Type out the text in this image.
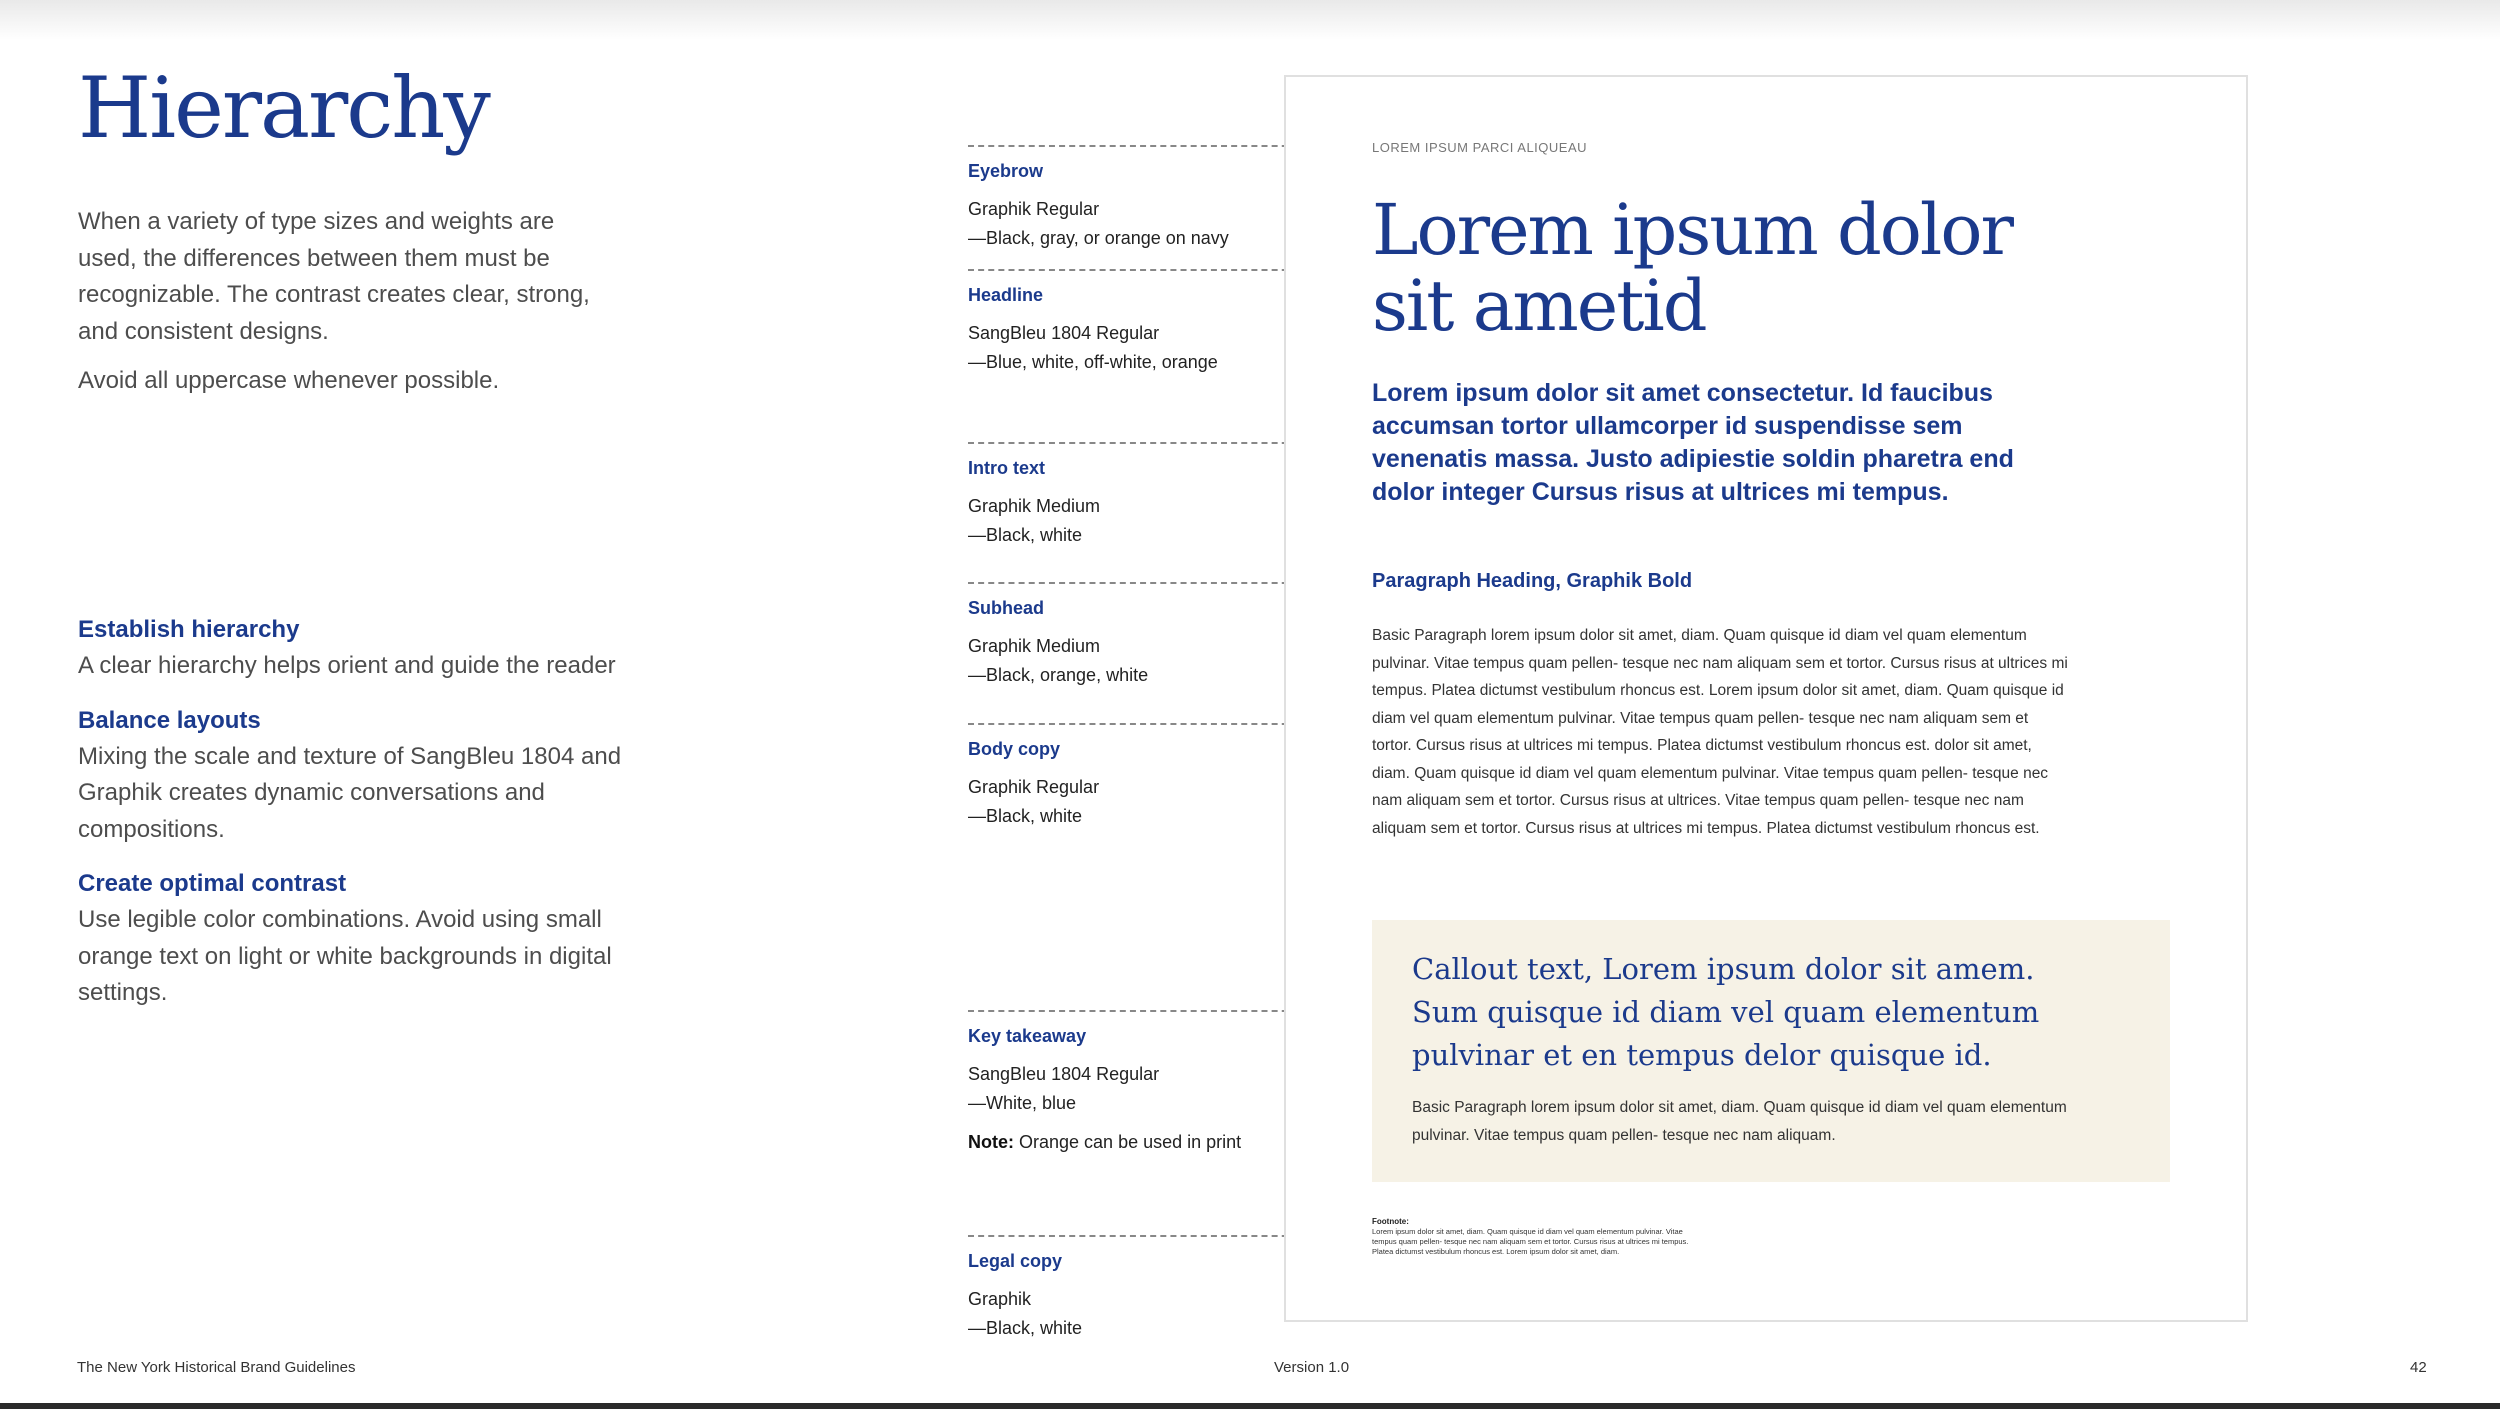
Hierarchy

When a variety of type sizes and weights are used, the differences between them must be recognizable. The contrast creates clear, strong, and consistent designs.

Avoid all uppercase whenever possible.

Establish hierarchy

A clear hierarchy helps orient and guide the reader

Balance layouts

Mixing the scale and texture of SangBleu 1804 and Graphik creates dynamic conversations and compositions.

Create optimal contrast

Use legible color combinations. Avoid using small orange text on light or white backgrounds in digital settings.

Eyebrow
Graphik Regular
—Black, gray, or orange on navy
Headline
SangBleu 1804 Regular
—Blue, white, off-white, orange
Intro text
Graphik Medium
—Black, white
Subhead
Graphik Medium
—Black, orange, white
Body copy
Graphik Regular
—Black, white
Key takeaway
SangBleu 1804 Regular
—White, blue
Note: Orange can be used in print
Legal copy
Graphik
—Black, white
LOREM IPSUM PARCI ALIQUEAU
Lorem ipsum dolor sit ametid

Lorem ipsum dolor sit amet consectetur. Id faucibus accumsan tortor ullamcorper id suspendisse sem venenatis massa. Justo adipiestie soldin pharetra end dolor integer Cursus risus at ultrices mi tempus.

Paragraph Heading, Graphik Bold

Basic Paragraph lorem ipsum dolor sit amet, diam. Quam quisque id diam vel quam elementum pulvinar. Vitae tempus quam pellen- tesque nec nam aliquam sem et tortor. Cursus risus at ultrices mi tempus. Platea dictumst vestibulum rhoncus est. Lorem ipsum dolor sit amet, diam. Quam quisque id diam vel quam elementum pulvinar. Vitae tempus quam pellen- tesque nec nam aliquam sem et tortor. Cursus risus at ultrices mi tempus. Platea dictumst vestibulum rhoncus est. dolor sit amet, diam. Quam quisque id diam vel quam elementum pulvinar. Vitae tempus quam pellen- tesque nec nam aliquam sem et tortor. Cursus risus at ultrices. Vitae tempus quam pellen- tesque nec nam aliquam sem et tortor. Cursus risus at ultrices mi tempus. Platea dictumst vestibulum rhoncus est.

Callout text, Lorem ipsum dolor sit amem. Sum quisque id diam vel quam elementum pulvinar et en tempus delor quisque id.

Basic Paragraph lorem ipsum dolor sit amet, diam. Quam quisque id diam vel quam elementum pulvinar. Vitae tempus quam pellen- tesque nec nam aliquam.

Footnote:

Lorem ipsum dolor sit amet, diam. Quam quisque id diam vel quam elementum pulvinar. Vitae tempus quam pellen- tesque nec nam aliquam sem et tortor. Cursus risus at ultrices mi tempus. Platea dictumst vestibulum rhoncus est. Lorem ipsum dolor sit amet, diam.

The New York Historical Brand Guidelines	Version 1.0	42
